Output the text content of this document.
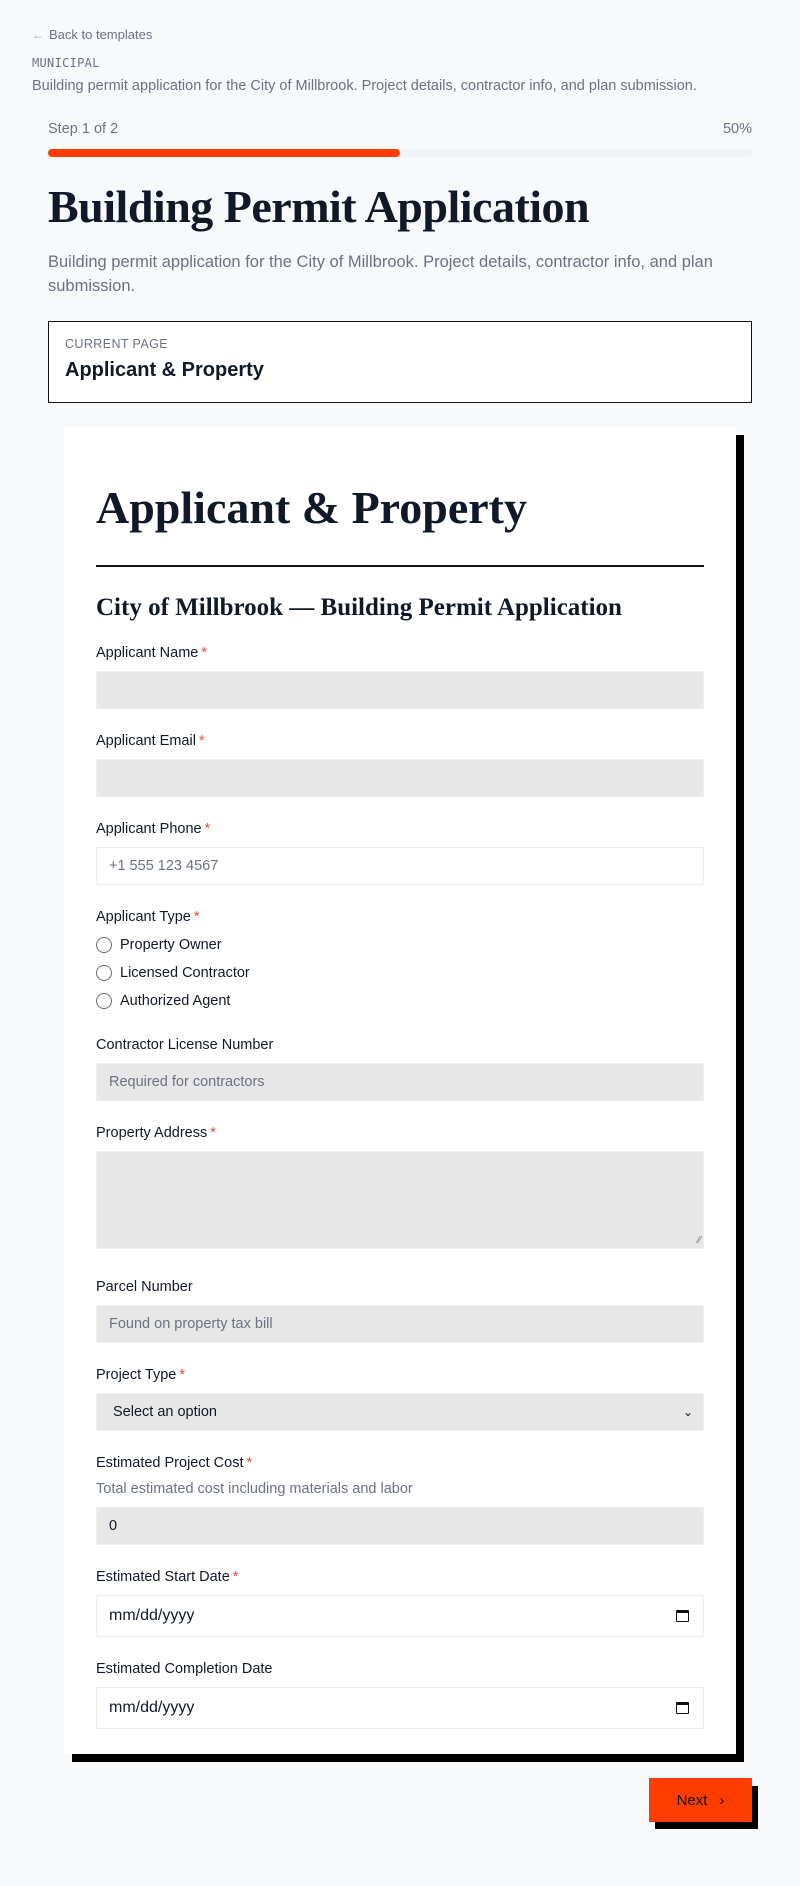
← Back to templates
MUNICIPAL
Building permit application for the City of Millbrook. Project details, contractor info, and plan submission.
Step 1 of 2	50%
Building Permit Application

Building permit application for the City of Millbrook. Project details, contractor info, and plan submission.

CURRENT PAGE
Applicant & Property
Applicant & Property
City of Millbrook — Building Permit Application
Applicant Name *
Applicant Email *
Applicant Phone *
+1 555 123 4567
Applicant Type *
Property Owner
Licensed Contractor
Authorized Agent
Contractor License Number
Required for contractors
Property Address *
∕∕
Parcel Number
Found on property tax bill
Project Type *
Select an option	⌄
Estimated Project Cost *
Total estimated cost including materials and labor
0
Estimated Start Date *
mm/dd/yyyy
Estimated Completion Date
mm/dd/yyyy
Next ›
